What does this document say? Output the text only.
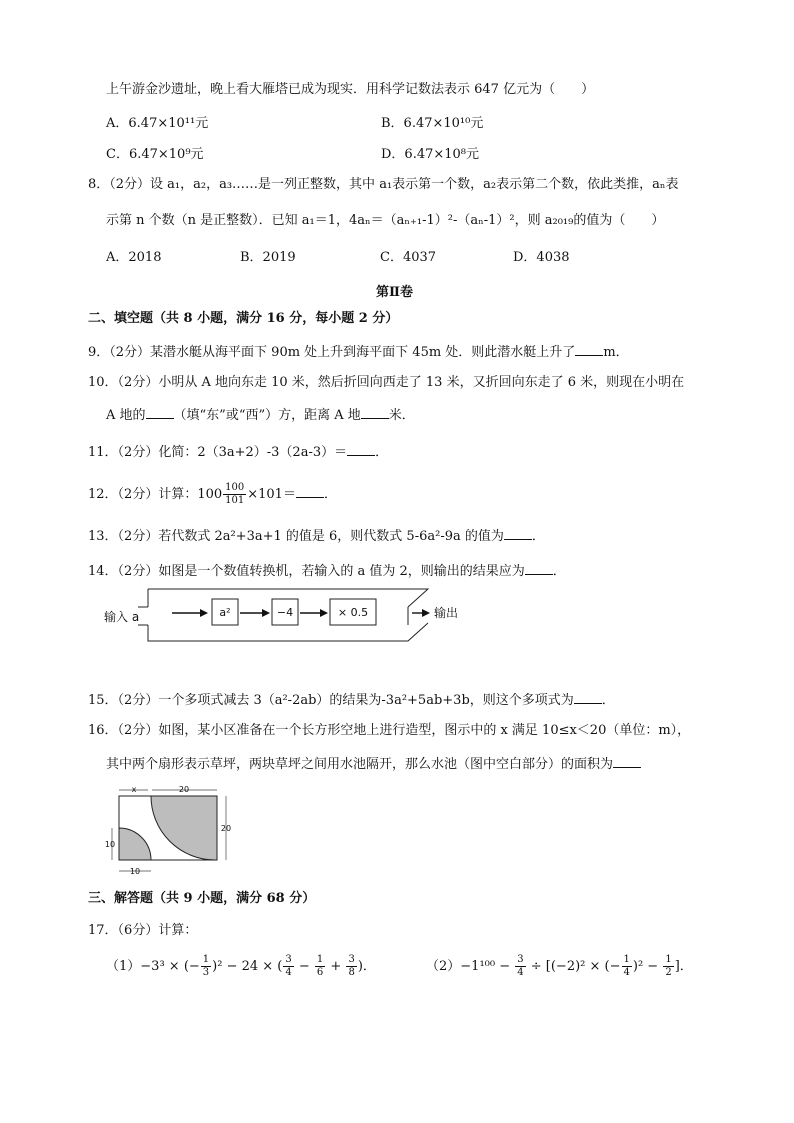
上午游金沙遗址，晚上看大雁塔已成为现实．用科学记数法表示 647 亿元为（　　）
A．6.47×10¹¹元	B．6.47×10¹⁰元
C．6.47×10⁹元	D．6.47×10⁸元
8．（2分）设 a₁，a₂，a₃……是一列正整数，其中 a₁表示第一个数，a₂表示第二个数，依此类推，aₙ表
示第 n 个数（n 是正整数）．已知 a₁＝1，4aₙ＝（aₙ₊₁-1）²-（aₙ-1）²，则 a₂₀₁₉的值为（　　）
A．2018	B．2019	C．4037	D．4038
第Ⅱ卷
二、填空题（共 8 小题，满分 16 分，每小题 2 分）
9．（2分）某潜水艇从海平面下 90m 处上升到海平面下 45m 处．则此潜水艇上升了 m．
10．（2分）小明从 A 地向东走 10 米，然后折回向西走了 13 米，又折回向东走了 6 米，则现在小明在
A 地的 （填“东”或“西”）方，距离 A 地 米．
11．（2分）化简：2（3a+2）-3（2a-3）＝ ．
12．（2分）计算：$100 \frac{100}{101} \times 101=$ ．
13．（2分）若代数式 2a²+3a+1 的值是 6，则代数式 5-6a²-9a 的值为 ．
14．（2分）如图是一个数值转换机，若输入的 a 值为 2，则输出的结果应为 ．
输入 a	a²	−4	× 0.5	输出
15．（2分）一个多项式减去 3（a²-2ab）的结果为-3a²+5ab+3b，则这个多项式为 ．
16．（2分）如图，某小区准备在一个长方形空地上进行造型，图示中的 x 满足 10≤x＜20（单位：m），
其中两个扇形表示草坪，两块草坪之间用水池隔开，那么水池（图中空白部分）的面积为
x	20
20
10
10
三、解答题（共 9 小题，满分 68 分）
17．（6分）计算：
（1）−3³ × (− $\frac{1}{3} )^2 - 24$ × ( $\frac{3}{4} - \frac{1}{6} + \frac{3}{8}$ )．	$(2)-1^{100} - \frac{3}{4} \div [(-2)^2$ × (− $\frac{1}{4} )^2 - \frac{1}{2}$ ]．
